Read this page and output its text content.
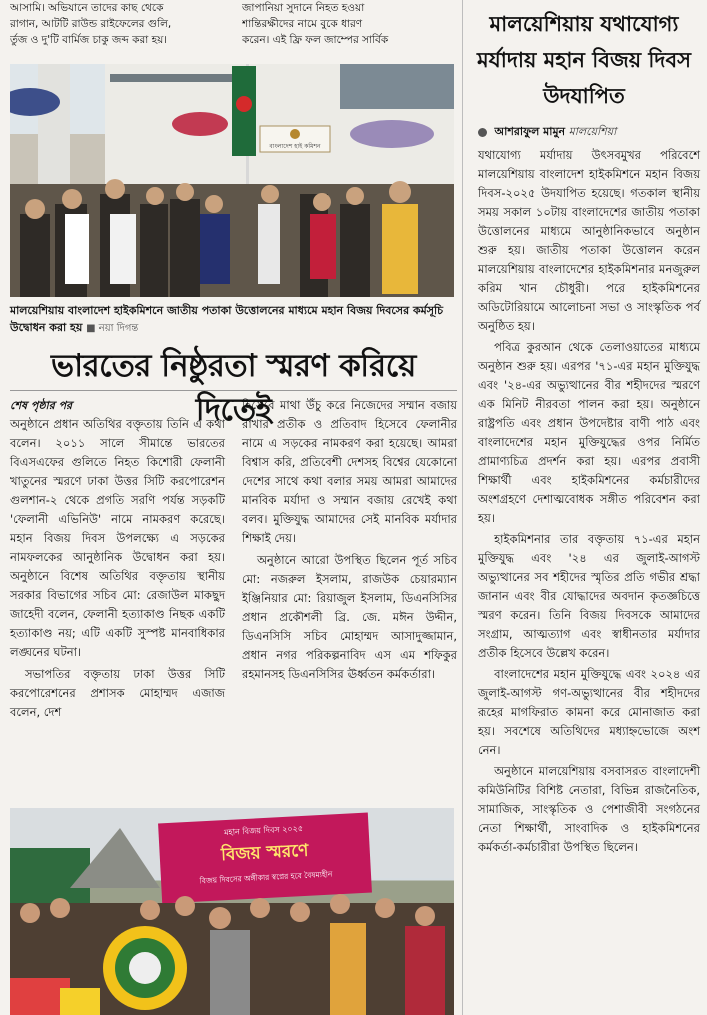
আসামি। অভিযানে তাদের কাছ থেকে
রাগান, আটটি রাউন্ড রাইফেলের গুলি,
র্তুজ ও দু'টি বার্মিজ চাকু জব্দ করা হয়।
জাপানিয়া সুদানে নিহত হওয়া
শান্তিরক্ষীদের নামে বুকে ধারণ
করেন। এই ফ্রি ফল জাম্পের সার্বিক
বাংলাদেশ হাই কমিশন
মালয়েশিয়ায় বাংলাদেশ হাইকমিশনে জাতীয় পতাকা উত্তোলনের মাধ্যমে মহান বিজয় দিবসের কর্মসূচি উদ্বোধন করা হয় ■ নয়া দিগন্ত
ভারতের নিষ্ঠুরতা স্মরণ করিয়ে দিতেই
শেষ পৃষ্ঠার পর

অনুষ্ঠানে প্রধান অতিথির বক্তৃতায় তিনি এ কথা বলেন। ২০১১ সালে সীমান্তে ভারতের বিএসএফের গুলিতে নিহত কিশোরী ফেলানী খাতুনের স্মরণে ঢাকা উত্তর সিটি করপোরেশন গুলশান-২ থেকে প্রগতি সরণি পর্যন্ত সড়কটি 'ফেলানী এভিনিউ' নামে নামকরণ করেছে। মহান বিজয় দিবস উপলক্ষ্যে এ সড়কের নামফলকের আনুষ্ঠানিক উদ্বোধন করা হয়। অনুষ্ঠানে বিশেষ অতিথির বক্তৃতায় স্থানীয় সরকার বিভাগের সচিব মো: রেজাউল মাকছুদ জাহেদী বলেন, ফেলানী হত্যাকাণ্ড নিছক একটি হত্যাকাণ্ড নয়; এটি একটি সুস্পষ্ট মানবাধিকার লঙ্ঘনের ঘটনা।

সভাপতির বক্তৃতায় ঢাকা উত্তর সিটি করপোরেশনের প্রশাসক মোহাম্মদ এজাজ বলেন, দেশ

হিসেবে মাথা উঁচু করে নিজেদের সম্মান বজায় রাখার প্রতীক ও প্রতিবাদ হিসেবে ফেলানীর নামে এ সড়কের নামকরণ করা হয়েছে। আমরা বিশ্বাস করি, প্রতিবেশী দেশসহ বিশ্বের যেকোনো দেশের সাথে কথা বলার সময় আমরা আমাদের মানবিক মর্যাদা ও সম্মান বজায় রেখেই কথা বলব। মুক্তিযুদ্ধ আমাদের সেই মানবিক মর্যাদার শিক্ষাই দেয়।

অনুষ্ঠানে আরো উপস্থিত ছিলেন পূর্ত সচিব মো: নজরুল ইসলাম, রাজউক চেয়ারম্যান ইঞ্জিনিয়ার মো: রিয়াজুল ইসলাম, ডিএনসিসির প্রধান প্রকৌশলী ব্রি. জে. মঈন উদ্দীন, ডিএনসিসি সচিব মোহাম্মদ আসাদুজ্জামান, প্রধান নগর পরিকল্পনাবিদ এস এম শফিকুর রহমানসহ ডিএনসিসির ঊর্ধ্বতন কর্মকর্তারা।

মহান বিজয় দিবস ২০২৫
বিজয় স্মরণে
বিজয় দিবসের অঙ্গীকার স্বপ্নের হবে বৈষম্যহীন
মালয়েশিয়ায় যথাযোগ্য মর্যাদায় মহান বিজয় দিবস উদযাপিত
আশরাফুল মামুন মালয়েশিয়া

যথাযোগ্য মর্যাদায় উৎসবমুখর পরিবেশে মালয়েশিয়ায় বাংলাদেশ হাইকমিশনে মহান বিজয় দিবস-২০২৫ উদযাপিত হয়েছে। গতকাল স্থানীয় সময় সকাল ১০টায় বাংলাদেশের জাতীয় পতাকা উত্তোলনের মাধ্যমে আনুষ্ঠানিকভাবে অনুষ্ঠান শুরু হয়। জাতীয় পতাকা উত্তোলন করেন মালয়েশিয়ায় বাংলাদেশের হাইকমিশনার মনজুরুল করিম খান চৌধুরী। পরে হাইকমিশনের অডিটোরিয়ামে আলোচনা সভা ও সাংস্কৃতিক পর্ব অনুষ্ঠিত হয়।

পবিত্র কুরআন থেকে তেলাওয়াতের মাধ্যমে অনুষ্ঠান শুরু হয়। এরপর '৭১-এর মহান মুক্তিযুদ্ধ এবং '২৪-এর অভ্যুত্থানের বীর শহীদদের স্মরণে এক মিনিট নীরবতা পালন করা হয়। অনুষ্ঠানে রাষ্ট্রপতি এবং প্রধান উপদেষ্টার বাণী পাঠ এবং বাংলাদেশের মহান মুক্তিযুদ্ধের ওপর নির্মিত প্রামাণ্যচিত্র প্রদর্শন করা হয়। এরপর প্রবাসী শিক্ষার্থী এবং হাইকমিশনের কর্মচারীদের অংশগ্রহণে দেশাত্মবোধক সঙ্গীত পরিবেশন করা হয়।

হাইকমিশনার তার বক্তৃতায় ৭১-এর মহান মুক্তিযুদ্ধ এবং '২৪ এর জুলাই-আগস্ট অভ্যুত্থানের সব শহীদের স্মৃতির প্রতি গভীর শ্রদ্ধা জানান এবং বীর যোদ্ধাদের অবদান কৃতজ্ঞচিত্তে স্মরণ করেন। তিনি বিজয় দিবসকে আমাদের সংগ্রাম, আত্মত্যাগ এবং স্বাধীনতার মর্যাদার প্রতীক হিসেবে উল্লেখ করেন।

বাংলাদেশের মহান মুক্তিযুদ্ধে এবং ২০২৪ এর জুলাই-আগস্ট গণ-অভ্যুত্থানের বীর শহীদদের রূহের মাগফিরাত কামনা করে মোনাজাত করা হয়। সবশেষে অতিথিদের মধ্যাহ্নভোজে অংশ নেন।

অনুষ্ঠানে মালয়েশিয়ায় বসবাসরত বাংলাদেশী কমিউনিটির বিশিষ্ট নেতারা, বিভিন্ন রাজনৈতিক, সামাজিক, সাংস্কৃতিক ও পেশাজীবী সংগঠনের নেতা শিক্ষার্থী, সাংবাদিক ও হাইকমিশনের কর্মকর্তা-কর্মচারীরা উপস্থিত ছিলেন।
